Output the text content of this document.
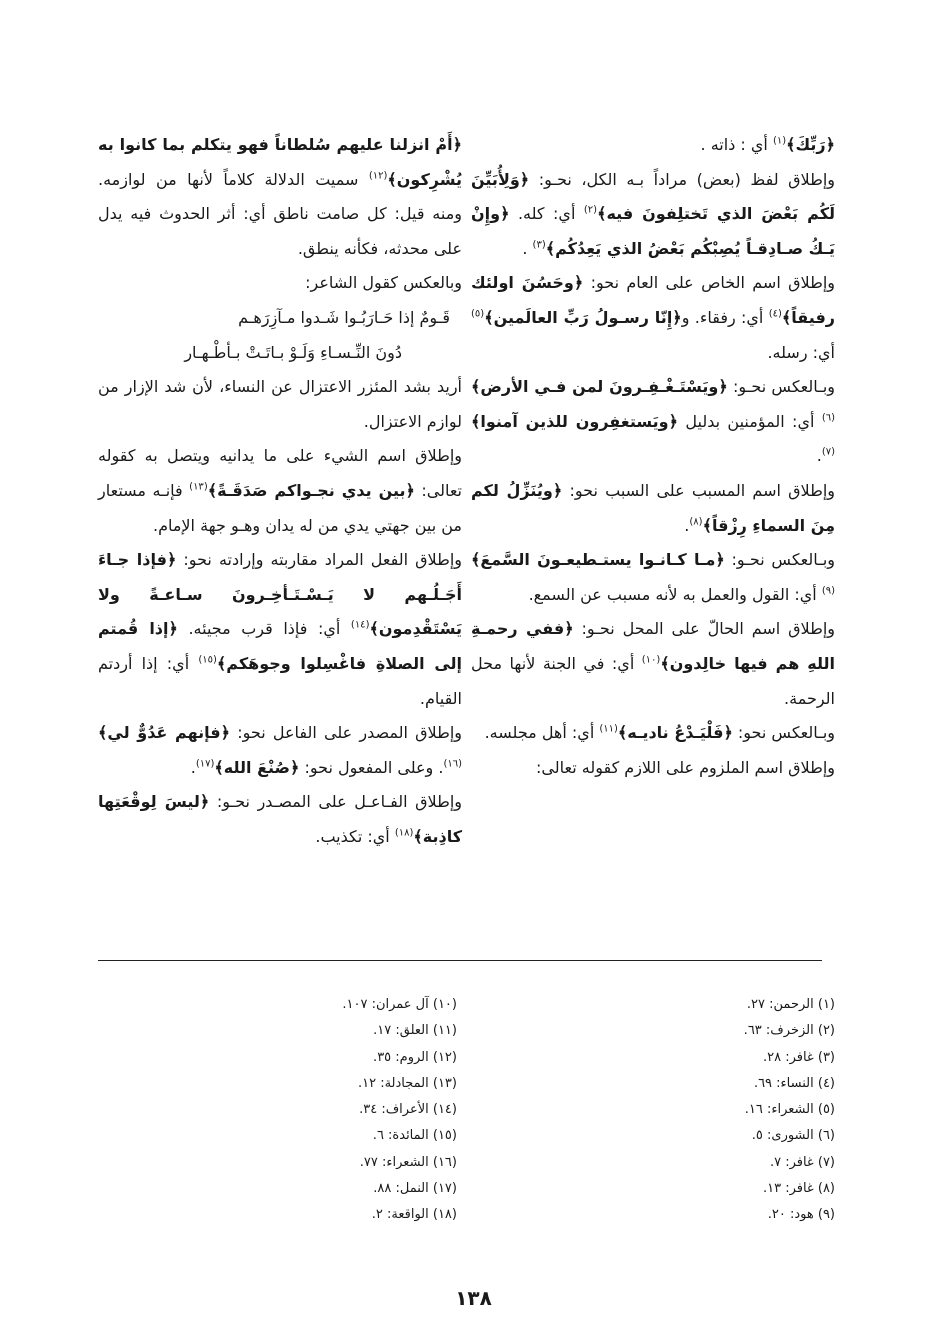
﴿رَبِّكَ﴾$^{(١)}$ أي : ذاته .

وإطلاق لفظ (بعض) مراداً بـه الكل، نحـو: ﴿وَلِأُبَيِّنَ لَكُم بَعْضَ الذي تَختلِفونَ فيه﴾$^{(٢)}$ أي: كله. ﴿وإِنْ يَـكُ صـادِقـاً يُصِبْكُم بَعْضُ الذي يَعِدُكُم﴾$^{(٣)}$ .

وإطلاق اسم الخاص على العام نحو: ﴿وحَسُنَ اولئك رفيقاً﴾$^{(٤)}$ أي: رفقاء. و﴿إِنّا رسـولُ رَبِّ العالَمين﴾$^{(٥)}$ أي: رسله.

وبـالعكس نحـو: ﴿ويَسْتَـغْـفِـرونَ لمن فـي الأرض﴾$^{(٦)}$ أي: المؤمنين بدليل ﴿ويَستغفِرون للذين آمنوا﴾$^{(٧)}$.

وإطلاق اسم المسبب على السبب نحو: ﴿ويُنَزِّلُ لكم مِنَ السماءِ رِزْقاً﴾$^{(٨)}$.

وبـالعكس نحـو: ﴿مـا كـانـوا يستـطيعـونَ السَّمعَ﴾$^{(٩)}$ أي: القول والعمل به لأنه مسبب عن السمع.

وإطلاق اسم الحالّ على المحل نحـو: ﴿ففي رحمـةِ اللهِ هم فيها خالِدون﴾$^{(١٠)}$ أي: في الجنة لأنها محل الرحمة.

وبـالعكس نحو: ﴿فَلْيَـدْعُ ناديـه﴾$^{(١١)}$ أي: أهل مجلسه.

وإطلاق اسم الملزوم على اللازم كقوله تعالى:

﴿أَمْ انزلنا عليهم سُلطاناً فهو يتكلم بما كانوا به يُشْرِكون﴾$^{(١٢)}$ سميت الدلالة كلاماً لأنها من لوازمه. ومنه قيل: كل صامت ناطق أي: أثر الحدوث فيه يدل على محدثه، فكأنه ينطق.

وبالعكس كقول الشاعر:

قَـومٌ إذا حَـارَبُـوا شَـدوا مـآزِرَهـم
دُونَ النِّـسـاءِ وَلَـوْ بـاتَـتْ بـأطْـهـار

أريد بشد المئزر الاعتزال عن النساء، لأن شد الإزار من لوازم الاعتزال.

وإطلاق اسم الشيء على ما يدانيه ويتصل به كقوله تعالى: ﴿بين يدي نجـواكم صَدَقَـةً﴾$^{(١٣)}$ فإنـه مستعار من بين جهتي يدي من له يدان وهـو جهة الإمام.

وإطلاق الفعل المراد مقاربته وإرادته نحو: ﴿فإذا جـاءَ أَجَـلُـهم لا يَـسْـتَـأخِـرونَ سـاعـةً ولا يَسْتَقْدِمون﴾$^{(١٤)}$ أي: فإذا قرب مجيئه. ﴿إذا قُمتم إلى الصلاةِ فاغْسِلوا وجوهَكم﴾$^{(١٥)}$ أي: إذا أردتم القيام.

وإطلاق المصدر على الفاعل نحو: ﴿فإنهم عَدُوٌّ لي﴾$^{(١٦)}$. وعلى المفعول نحو: ﴿صُنْعَ الله﴾$^{(١٧)}$.

وإطلاق الفـاعـل على المصـدر نحـو: ﴿ليسَ لِوقْعَتِها كاذِبة﴾$^{(١٨)}$ أي: تكذيب.

(١) الرحمن: ٢٧.
(٢) الزخرف: ٦٣.
(٣) غافر: ٢٨.
(٤) النساء: ٦٩.
(٥) الشعراء: ١٦.
(٦) الشورى: ٥.
(٧) غافر: ٧.
(٨) غافر: ١٣.
(٩) هود: ٢٠.
(١٠) آل عمران: ١٠٧.
(١١) العلق: ١٧.
(١٢) الروم: ٣٥.
(١٣) المجادلة: ١٢.
(١٤) الأعراف: ٣٤.
(١٥) المائدة: ٦.
(١٦) الشعراء: ٧٧.
(١٧) النمل: ٨٨.
(١٨) الواقعة: ٢.
١٣٨
